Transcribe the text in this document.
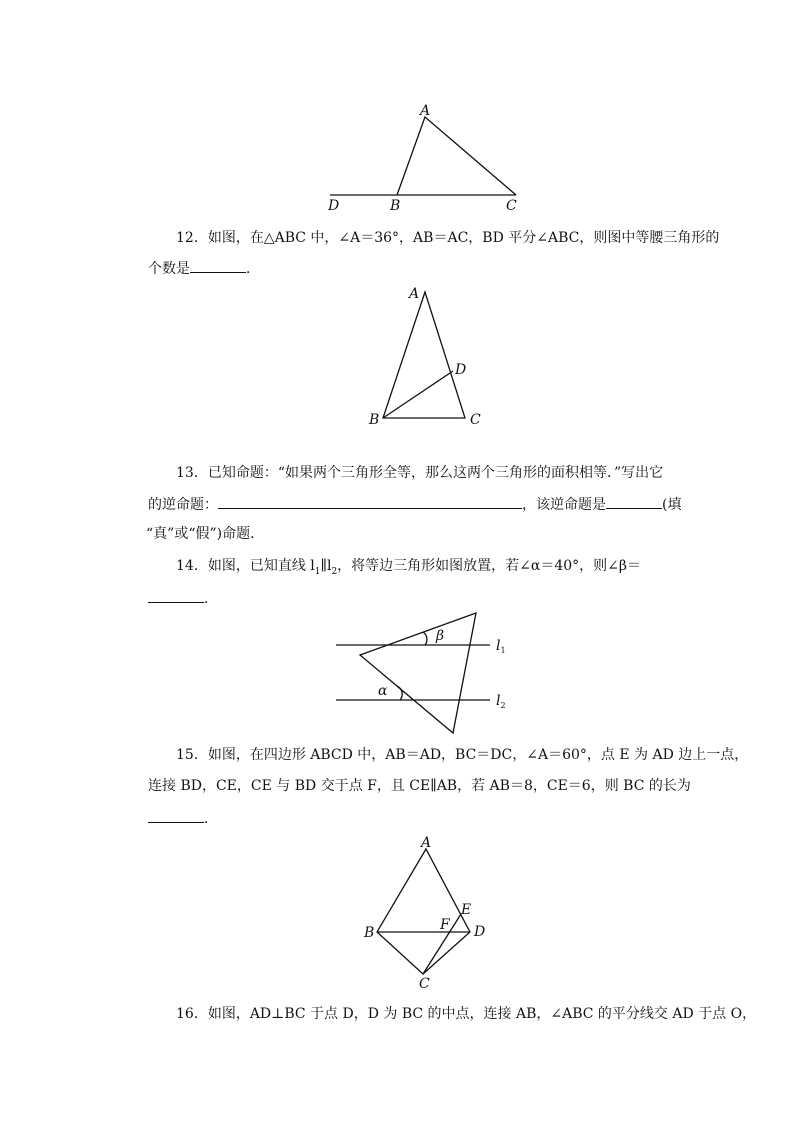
A
B	C
D
12．如图，在△ABC 中，∠A＝36°，AB＝AC，BD 平分∠ABC，则图中等腰三角形的
个数是	．
A
B	C
D
13．已知命题：“如果两个三角形全等，那么这两个三角形的面积相等．”写出它
的逆命题：	，该逆命题是	(填
“真”或“假”)命题．
14．如图，已知直线 $l_1\parallel l_2$，将等边三角形如图放置，若∠α＝40°，则∠β＝
．
β
α
$l_1$
$l_2$
15．如图，在四边形 ABCD 中，AB＝AD，BC＝DC，∠A＝60°，点 E 为 AD 边上一点，
连接 BD，CE，CE 与 BD 交于点 F，且 CE∥AB，若 AB＝8，CE＝6，则 BC 的长为
．
A
B
C
D
E
F
16．如图，AD⊥BC 于点 D，D 为 BC 的中点，连接 AB，∠ABC 的平分线交 AD 于点 O，
